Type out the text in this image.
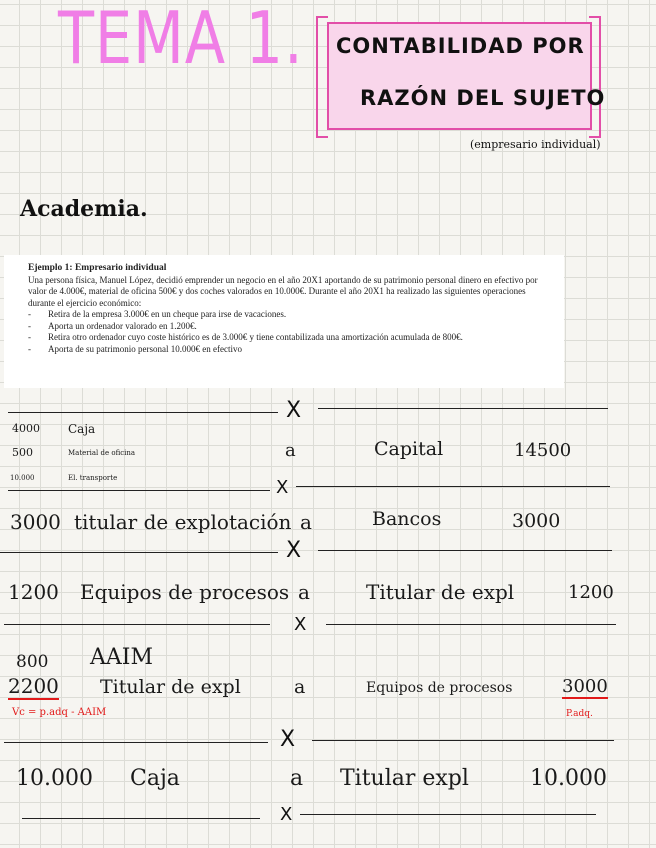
TEMA 1. CONTABILIDAD POR
RAZÓN DEL SUJETO
(empresario individual)
Academia.
Ejemplo 1: Empresario individual
Una persona física, Manuel López, decidió emprender un negocio en el año 20X1 aportando de su patrimonio personal dinero en efectivo por valor de 4.000€, material de oficina 500€ y dos coches valorados en 10.000€. Durante el año 20X1 ha realizado las siguientes operaciones durante el ejercicio económico:
- Retira de la empresa 3.000€ en un cheque para irse de vacaciones.
- Aporta un ordenador valorado en 1.200€.
- Retira otro ordenador cuyo coste histórico es de 3.000€ y tiene contabilizada una amortización acumulada de 800€.
- Aporta de su patrimonio personal 10.000€ en efectivo
X
4000 Caja
500	Material de oficina
10.000	El. transporte
a	Capital	14500
X
3000 titular de explotación a	Bancos	3000
X
1200 Equipos de procesos a	Titular de expl	1200
X
800 AAIM
2200 Titular de expl	a	Equipos de procesos	3000
Vc = p.adq - AAIM	P.adq.
X
10.000 Caja	a Titular expl	10.000
X
